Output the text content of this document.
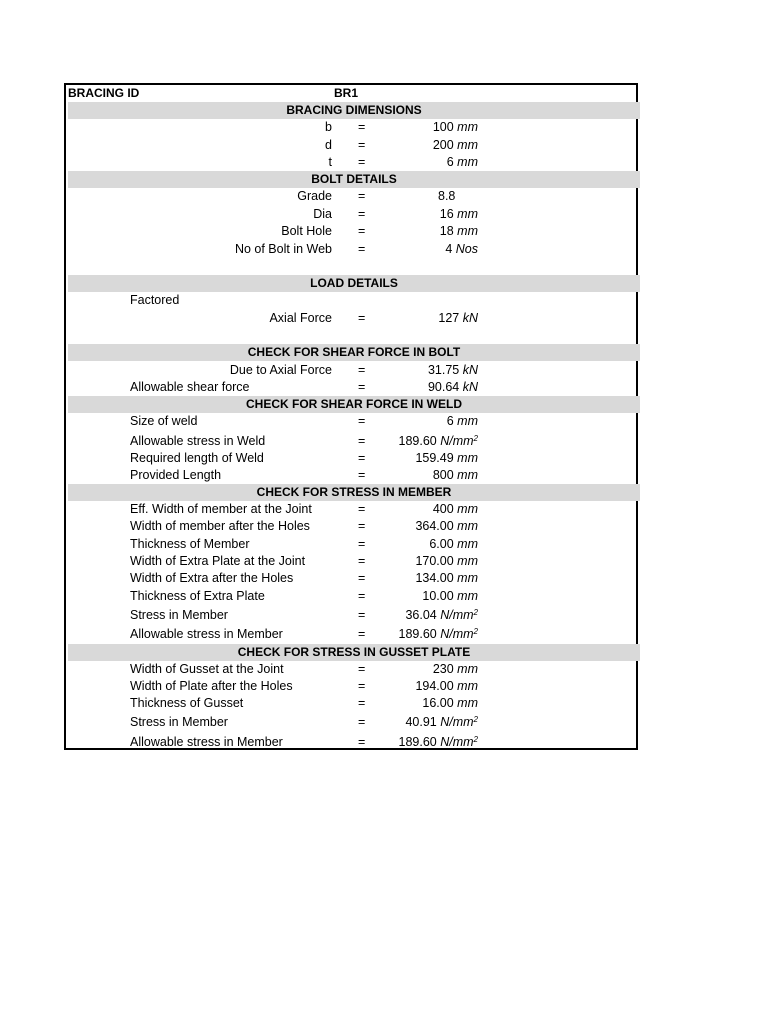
BRACING ID	BR1
BRACING DIMENSIONS
b =	100 mm
d =	200 mm
t =	6 mm
BOLT DETAILS
Grade =	8.8
Dia =	16 mm
Bolt Hole =	18 mm
No of Bolt in Web =	4 Nos
LOAD DETAILS
Factored
Axial Force =	127 kN
CHECK FOR SHEAR FORCE IN BOLT
Due to Axial Force =	31.75 kN
Allowable shear force	=	90.64 kN
CHECK FOR SHEAR FORCE IN WELD
Size of weld	=	6 mm
Allowable stress in Weld	=	189.60 $N/mm^2$
Required length of Weld	=	159.49 mm
Provided Length	=	800 mm
CHECK FOR STRESS IN MEMBER
Eff. Width of member at the Joint	=	400 mm
Width of member after the Holes	=	364.00 mm
Thickness of Member	=	6.00 mm
Width of Extra Plate at the Joint	=	170.00 mm
Width of Extra after the Holes	=	134.00 mm
Thickness of Extra Plate	=	10.00 mm
Stress in Member	=	36.04 $N/mm^2$
Allowable stress in Member	=	189.60 $N/mm^2$
CHECK FOR STRESS IN GUSSET PLATE
Width of Gusset at the Joint	=	230 mm
Width of Plate after the Holes	=	194.00 mm
Thickness of Gusset	=	16.00 mm
Stress in Member	=	40.91 $N/mm^2$
Allowable stress in Member	=	189.60 $N/mm^2$
